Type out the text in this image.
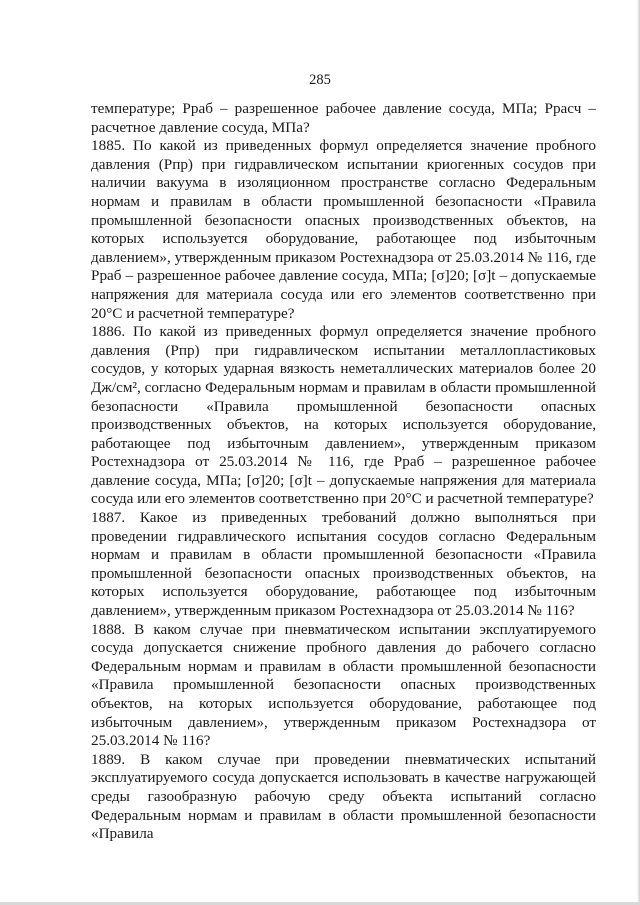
285

температуре; Рраб – разрешенное рабочее давление сосуда, МПа; Ррасч – расчетное давление сосуда, МПа?

1885. По какой из приведенных формул определяется значение пробного давления (Рпр) при гидравлическом испытании криогенных сосудов при наличии вакуума в изоляционном пространстве согласно Федеральным нормам и правилам в области промышленной безопасности «Правила промышленной безопасности опасных производственных объектов, на которых используется оборудование, работающее под избыточным давлением», утвержденным приказом Ростехнадзора от 25.03.2014 № 116, где Рраб – разрешенное рабочее давление сосуда, МПа; [σ]20; [σ]t – допускаемые напряжения для материала сосуда или его элементов соответственно при 20°С и расчетной температуре?

1886. По какой из приведенных формул определяется значение пробного давления (Рпр) при гидравлическом испытании металлопластиковых сосудов, у которых ударная вязкость неметаллических материалов более 20 Дж/см², согласно Федеральным нормам и правилам в области промышленной безопасности «Правила промышленной безопасности опасных производственных объектов, на которых используется оборудование, работающее под избыточным давлением», утвержденным приказом Ростехнадзора от 25.03.2014 № 116, где Рраб – разрешенное рабочее давление сосуда, МПа; [σ]20; [σ]t – допускаемые напряжения для материала сосуда или его элементов соответственно при 20°С и расчетной температуре?

1887. Какое из приведенных требований должно выполняться при проведении гидравлического испытания сосудов согласно Федеральным нормам и правилам в области промышленной безопасности «Правила промышленной безопасности опасных производственных объектов, на которых используется оборудование, работающее под избыточным давлением», утвержденным приказом Ростехнадзора от 25.03.2014 № 116?

1888. В каком случае при пневматическом испытании эксплуатируемого сосуда допускается снижение пробного давления до рабочего согласно Федеральным нормам и правилам в области промышленной безопасности «Правила промышленной безопасности опасных производственных объектов, на которых используется оборудование, работающее под избыточным давлением», утвержденным приказом Ростехнадзора от 25.03.2014 № 116?

1889. В каком случае при проведении пневматических испытаний эксплуатируемого сосуда допускается использовать в качестве нагружающей среды газообразную рабочую среду объекта испытаний согласно Федеральным нормам и правилам в области промышленной безопасности «Правила
